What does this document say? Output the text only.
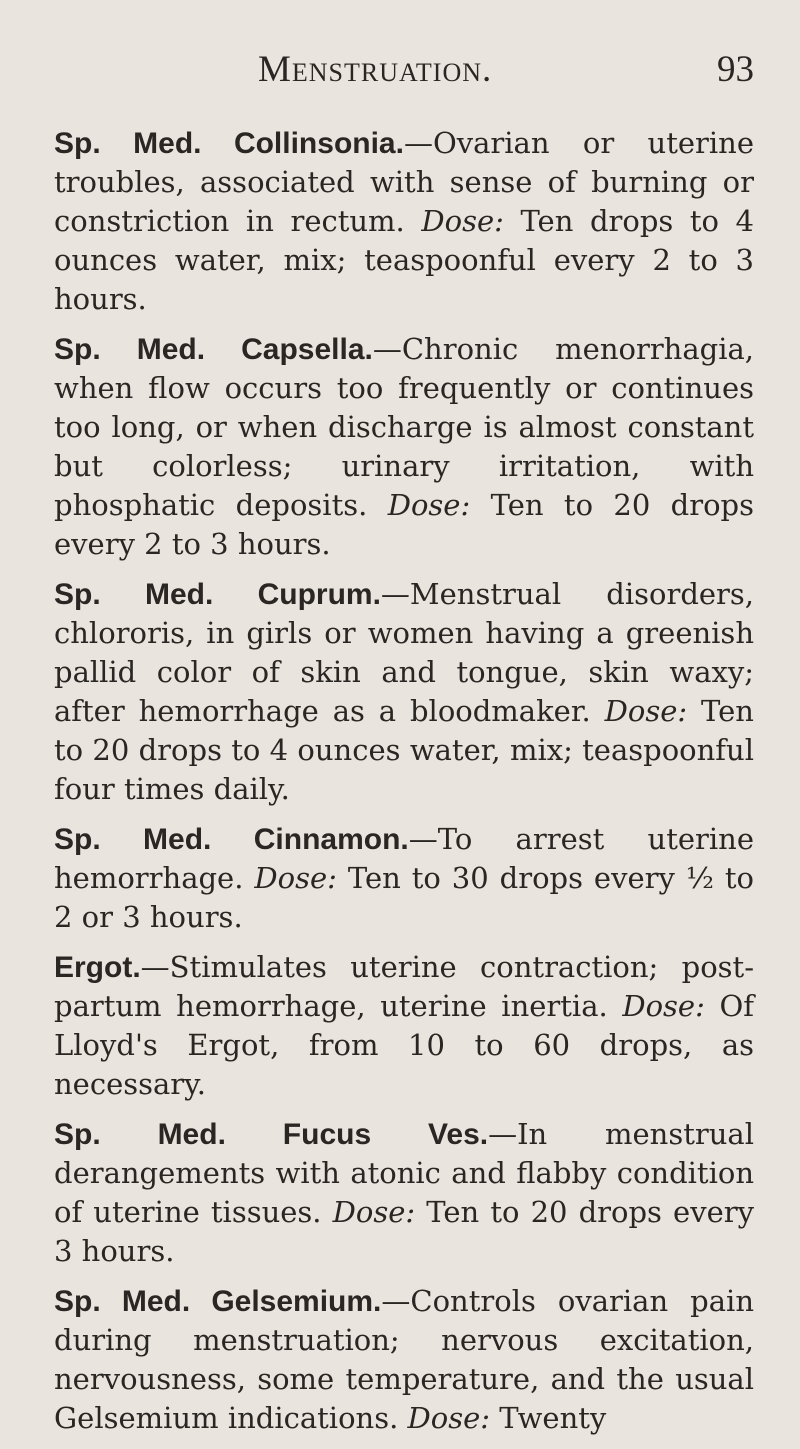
Menstruation.	93

Sp. Med. Collinsonia.—Ovarian or uterine troubles, associated with sense of burning or constriction in rectum. Dose: Ten drops to 4 ounces water, mix; teaspoonful every 2 to 3 hours.

Sp. Med. Capsella.—Chronic menorrhagia, when flow occurs too frequently or continues too long, or when discharge is almost constant but colorless; urinary irritation, with phosphatic deposits. Dose: Ten to 20 drops every 2 to 3 hours.

Sp. Med. Cuprum.—Menstrual disorders, chlororis, in girls or women having a greenish pallid color of skin and tongue, skin waxy; after hemorrhage as a bloodmaker. Dose: Ten to 20 drops to 4 ounces water, mix; teaspoonful four times daily.

Sp. Med. Cinnamon.—To arrest uterine hemorrhage. Dose: Ten to 30 drops every ½ to 2 or 3 hours.

Ergot.—Stimulates uterine contraction; post-partum hemorrhage, uterine inertia. Dose: Of Lloyd's Ergot, from 10 to 60 drops, as necessary.

Sp. Med. Fucus Ves.—In menstrual derangements with atonic and flabby condition of uterine tissues. Dose: Ten to 20 drops every 3 hours.

Sp. Med. Gelsemium.—Controls ovarian pain during menstruation; nervous excitation, nervousness, some temperature, and the usual Gelsemium indications. Dose: Twenty
